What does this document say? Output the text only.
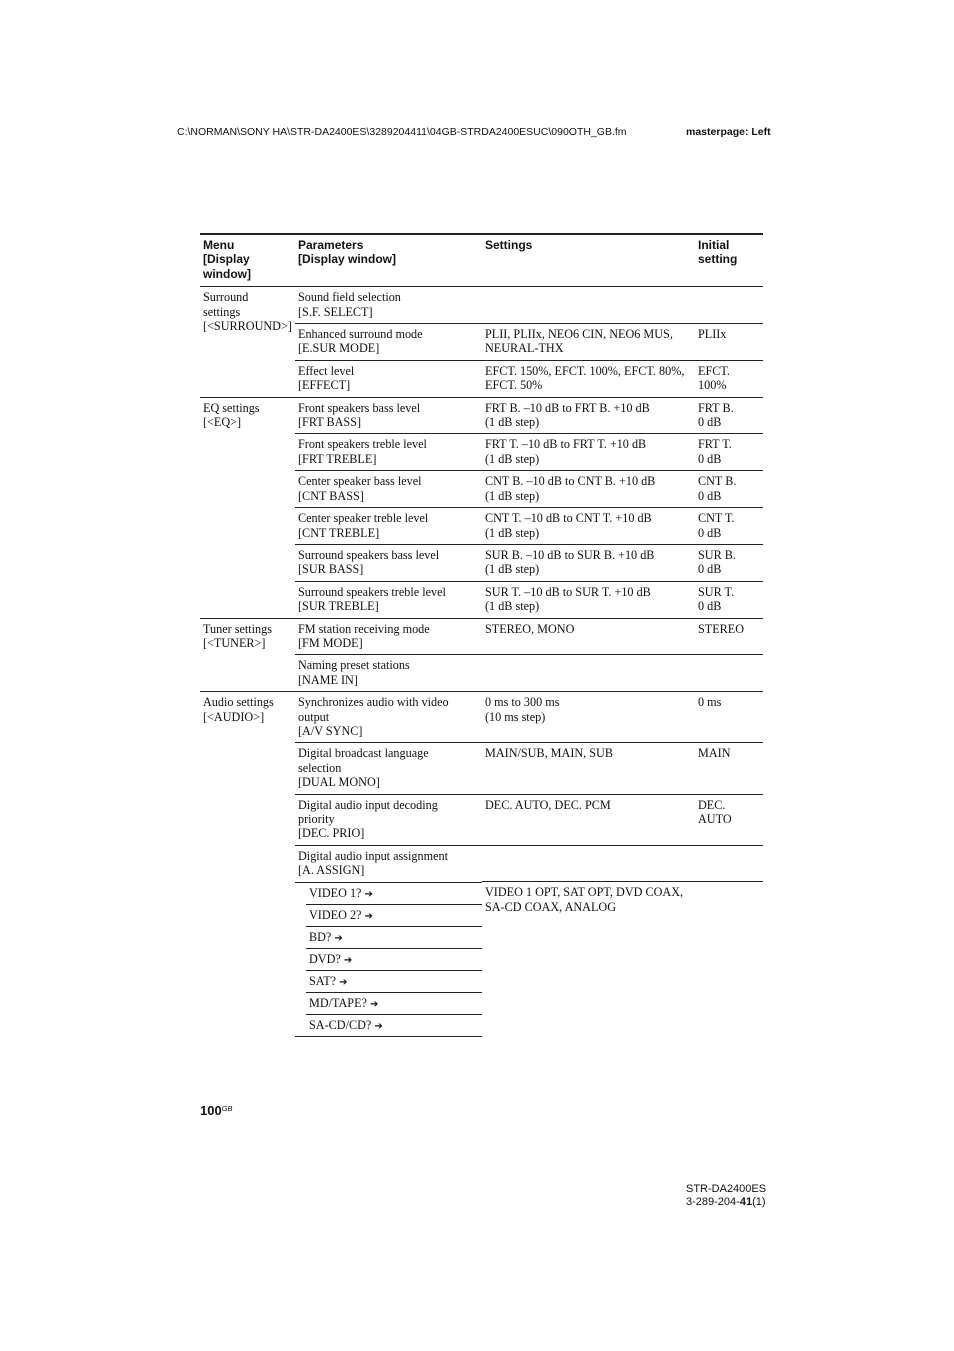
C:\NORMAN\SONY HA\STR-DA2400ES\3289204411\04GB-STRDA2400ESUC\090OTH_GB.fm	masterpage: Left
Menu
[Display
window]	Parameters
[Display window]	Settings	Initial
setting

Surround
settings
[<SURROUND>]	Sound field selection
[S.F. SELECT]		

	Enhanced surround mode
[E.SUR MODE]	PLII, PLIIx, NEO6 CIN, NEO6 MUS,
NEURAL-THX	PLIIx

	Effect level
[EFFECT]	EFCT. 150%, EFCT. 100%, EFCT. 80%,
EFCT. 50%	EFCT.
100%

EQ settings
[<EQ>]	Front speakers bass level
[FRT BASS]	FRT B. –10 dB to FRT B. +10 dB
(1 dB step)	FRT B.
0 dB

	Front speakers treble level
[FRT TREBLE]	FRT T. –10 dB to FRT T. +10 dB
(1 dB step)	FRT T.
0 dB

	Center speaker bass level
[CNT BASS]	CNT B. –10 dB to CNT B. +10 dB
(1 dB step)	CNT B.
0 dB

	Center speaker treble level
[CNT TREBLE]	CNT T. –10 dB to CNT T. +10 dB
(1 dB step)	CNT T.
0 dB

	Surround speakers bass level
[SUR BASS]	SUR B. –10 dB to SUR B. +10 dB
(1 dB step)	SUR B.
0 dB

	Surround speakers treble level
[SUR TREBLE]	SUR T. –10 dB to SUR T. +10 dB
(1 dB step)	SUR T.
0 dB

Tuner settings
[<TUNER>]	FM station receiving mode
[FM MODE]	STEREO, MONO	STEREO

	Naming preset stations
[NAME IN]		

Audio settings
[<AUDIO>]	Synchronizes audio with video
output
[A/V SYNC]	0 ms to 300 ms
(10 ms step)	0 ms

	Digital broadcast language
selection
[DUAL MONO]	MAIN/SUB, MAIN, SUB	MAIN

	Digital audio input decoding
priority
[DEC. PRIO]	DEC. AUTO, DEC. PCM	DEC.
AUTO

	Digital audio input assignment
[A. ASSIGN]		

	VIDEO 1? ➔	VIDEO 1 OPT, SAT OPT, DVD COAX,
SA-CD COAX, ANALOG	

	VIDEO 2? ➔		

	BD? ➔		

	DVD? ➔		

	SAT? ➔		

	MD/TAPE? ➔		

	SA-CD/CD? ➔		
$100^{GB}$
STR-DA2400ES
3-289-204-41(1)
